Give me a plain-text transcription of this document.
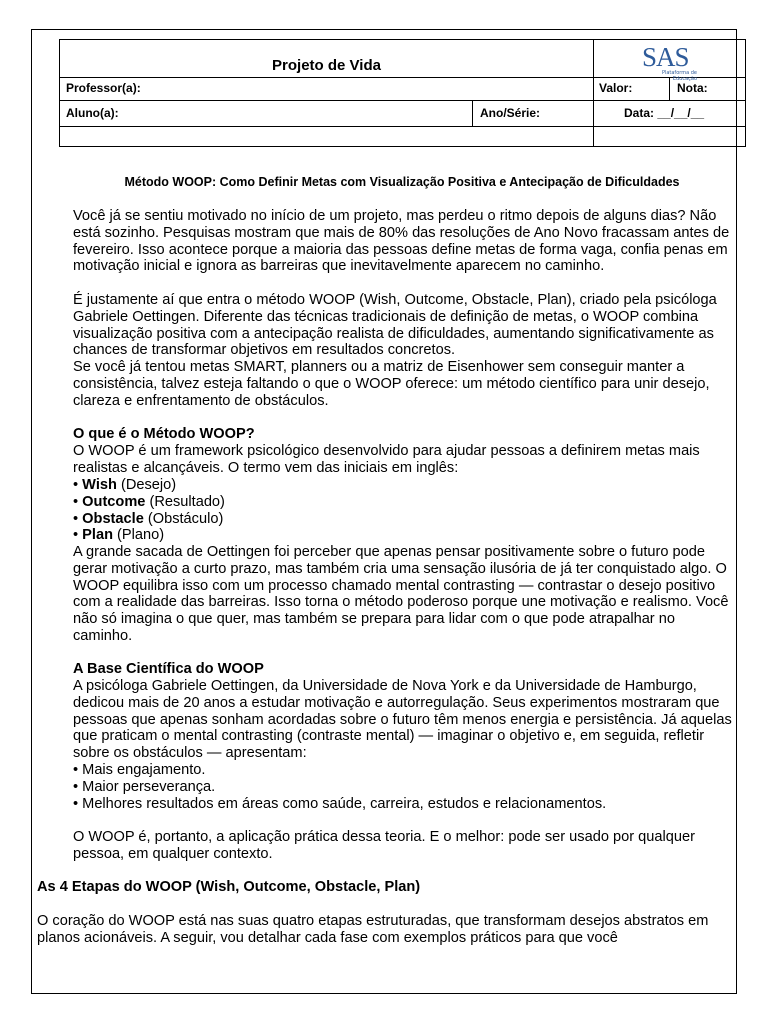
Projeto de Vida	SAS
Plataforma de Educação
Professor(a):	Valor:	Nota:
Aluno(a):	Ano/Série:	Data: __/__/__
Método WOOP: Como Definir Metas com Visualização Positiva e Antecipação de Dificuldades

Você já se sentiu motivado no início de um projeto, mas perdeu o ritmo depois de alguns dias? Não está sozinho. Pesquisas mostram que mais de 80% das resoluções de Ano Novo fracassam antes de fevereiro. Isso acontece porque a maioria das pessoas define metas de forma vaga, confia penas em motivação inicial e ignora as barreiras que inevitavelmente aparecem no caminho.

É justamente aí que entra o método WOOP (Wish, Outcome, Obstacle, Plan), criado pela psicóloga Gabriele Oettingen. Diferente das técnicas tradicionais de definição de metas, o WOOP combina visualização positiva com a antecipação realista de dificuldades, aumentando significativamente as chances de transformar objetivos em resultados concretos.

Se você já tentou metas SMART, planners ou a matriz de Eisenhower sem conseguir manter a consistência, talvez esteja faltando o que o WOOP oferece: um método científico para unir desejo, clareza e enfrentamento de obstáculos.

O que é o Método WOOP?

O WOOP é um framework psicológico desenvolvido para ajudar pessoas a definirem metas mais realistas e alcançáveis. O termo vem das iniciais em inglês:

• Wish (Desejo)
• Outcome (Resultado)
• Obstacle (Obstáculo)
• Plan (Plano)

A grande sacada de Oettingen foi perceber que apenas pensar positivamente sobre o futuro pode gerar motivação a curto prazo, mas também cria uma sensação ilusória de já ter conquistado algo. O WOOP equilibra isso com um processo chamado mental contrasting — contrastar o desejo positivo com a realidade das barreiras. Isso torna o método poderoso porque une motivação e realismo. Você não só imagina o que quer, mas também se prepara para lidar com o que pode atrapalhar no caminho.

A Base Científica do WOOP

A psicóloga Gabriele Oettingen, da Universidade de Nova York e da Universidade de Hamburgo, dedicou mais de 20 anos a estudar motivação e autorregulação. Seus experimentos mostraram que pessoas que apenas sonham acordadas sobre o futuro têm menos energia e persistência. Já aquelas que praticam o mental contrasting (contraste mental) — imaginar o objetivo e, em seguida, refletir sobre os obstáculos — apresentam:

• Mais engajamento.
• Maior perseverança.
• Melhores resultados em áreas como saúde, carreira, estudos e relacionamentos.

O WOOP é, portanto, a aplicação prática dessa teoria. E o melhor: pode ser usado por qualquer pessoa, em qualquer contexto.

As 4 Etapas do WOOP (Wish, Outcome, Obstacle, Plan)

O coração do WOOP está nas suas quatro etapas estruturadas, que transformam desejos abstratos em planos acionáveis. A seguir, vou detalhar cada fase com exemplos práticos para que você
